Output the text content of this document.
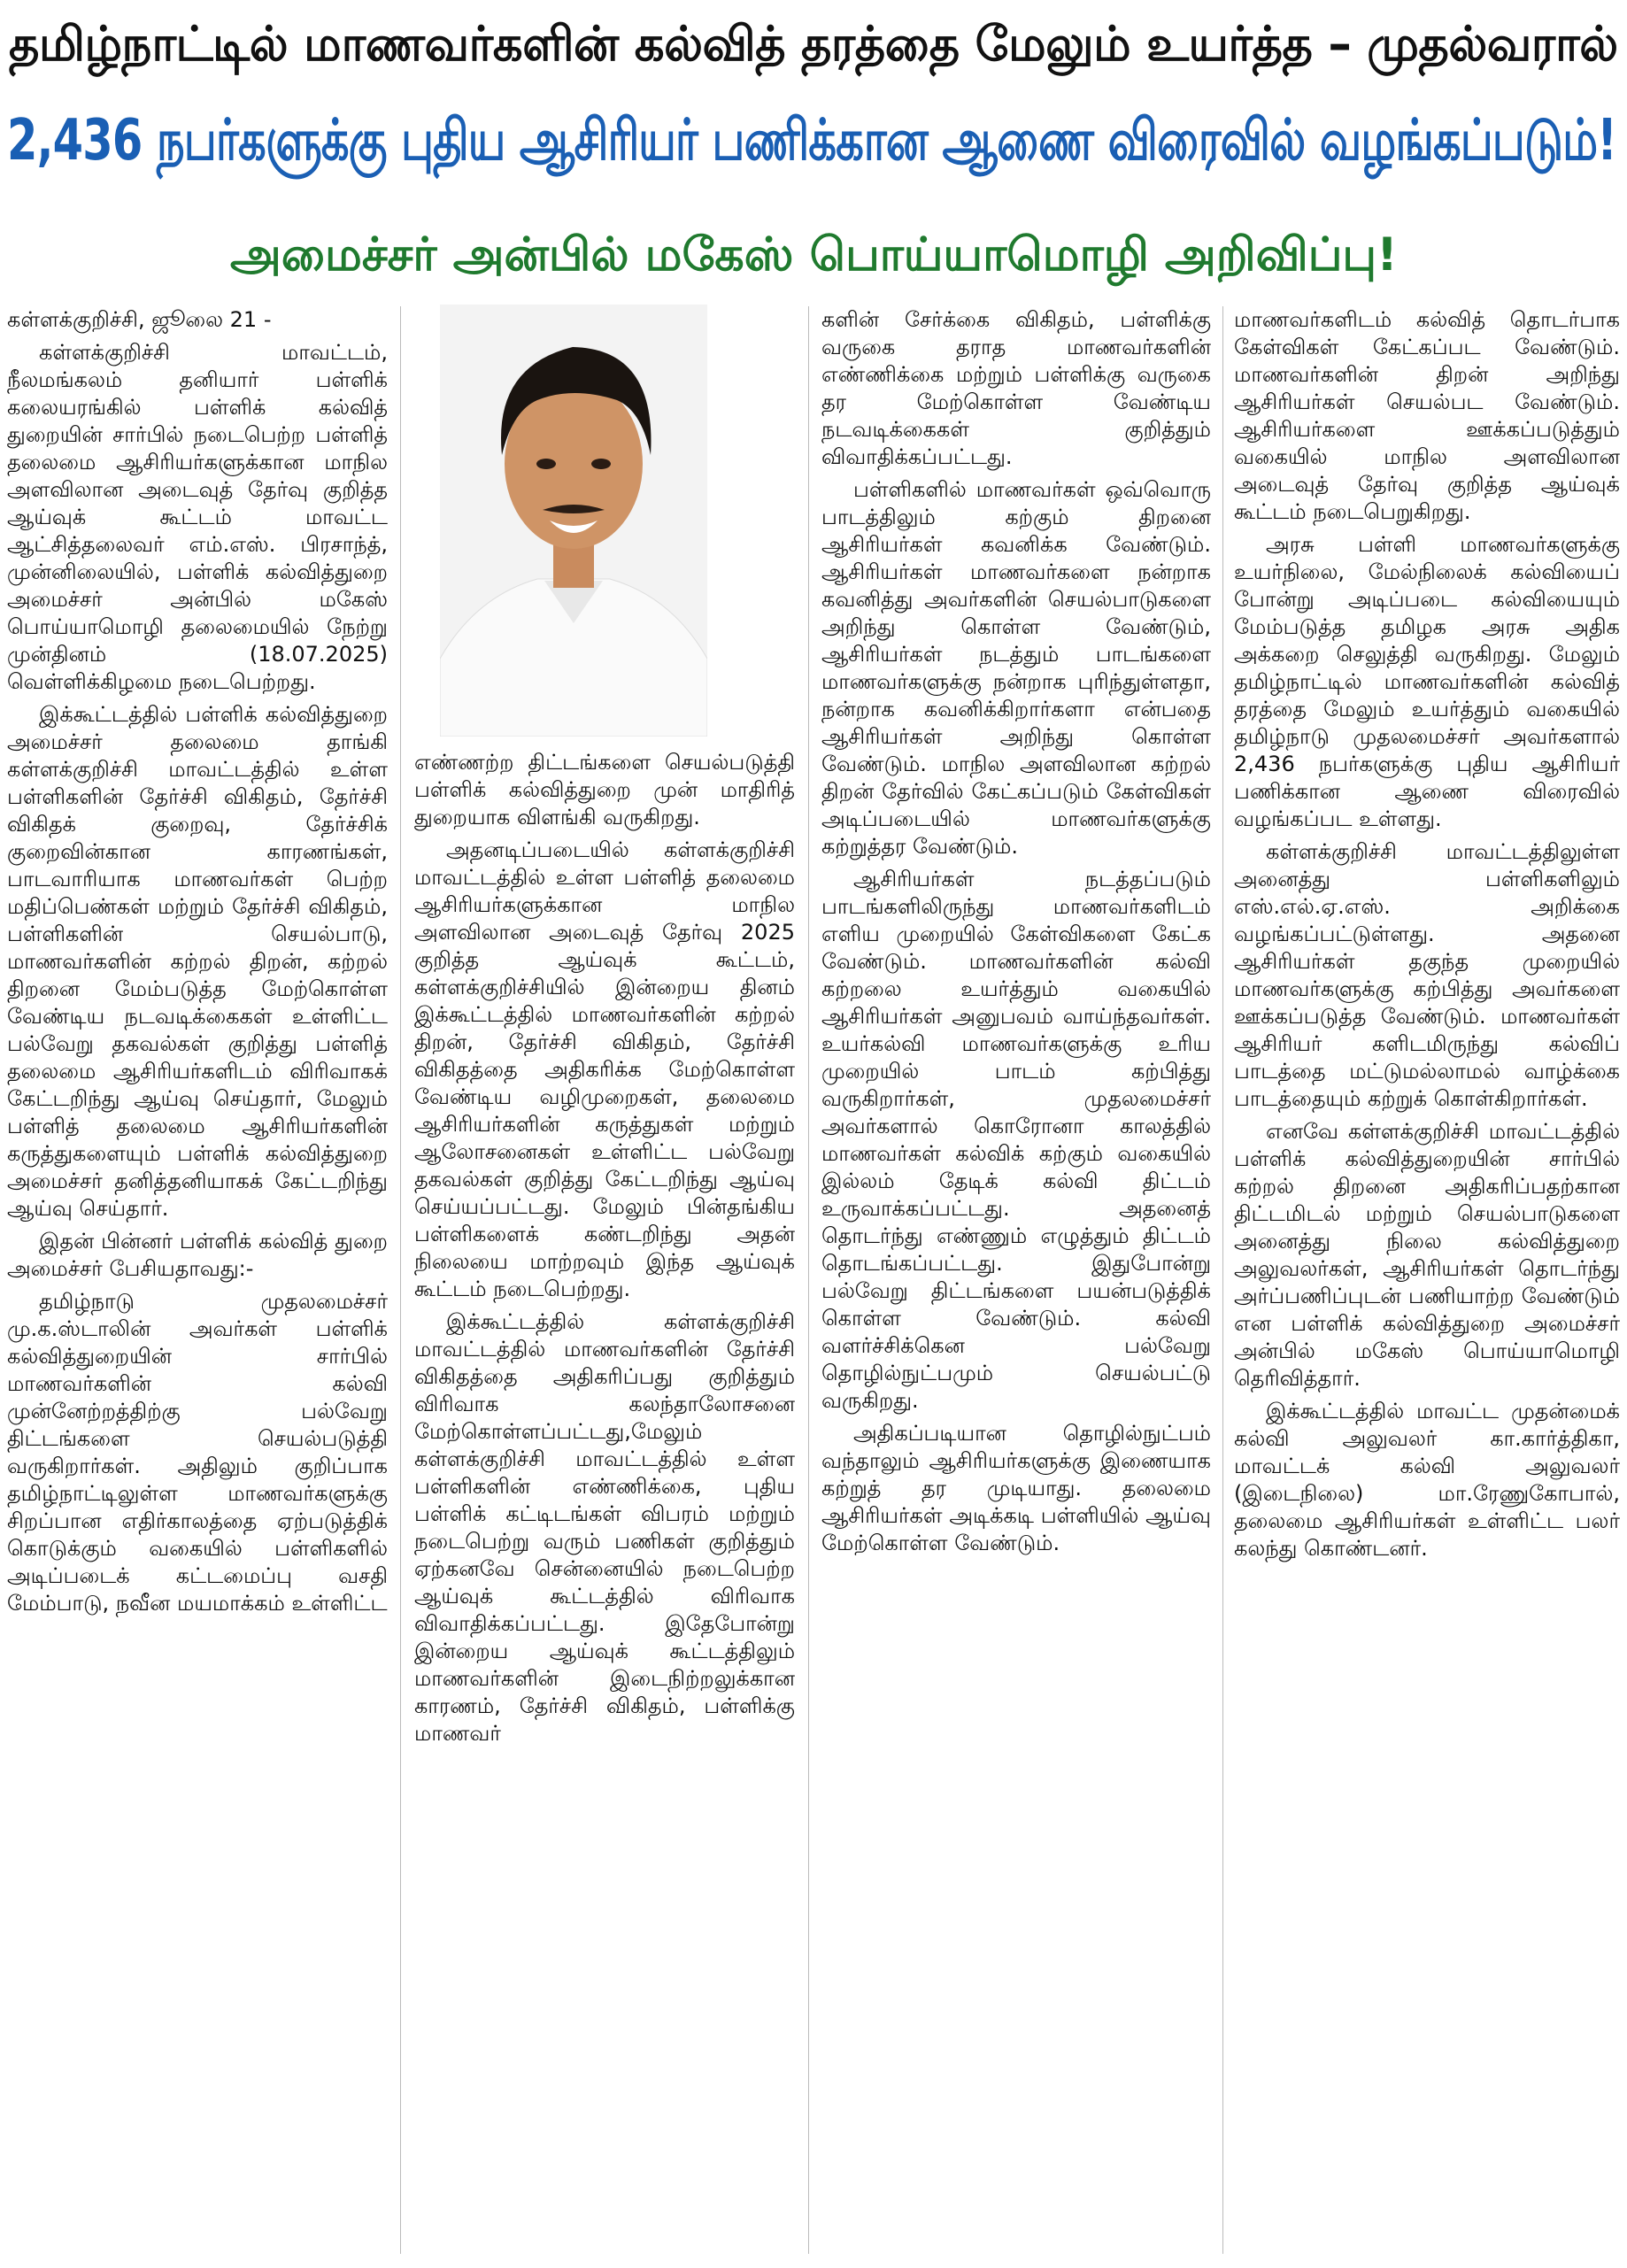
தமிழ்நாட்டில் மாணவர்களின் கல்வித் தரத்தை மேலும் உயர்த்த – முதல்வரால்
2,436 நபர்களுக்கு புதிய ஆசிரியர் பணிக்கான ஆணை விரைவில் வழங்கப்படும்!
அமைச்சர் அன்பில் மகேஸ் பொய்யாமொழி அறிவிப்பு!

கள்ளக்குறிச்சி, ஜூலை 21 -

கள்ளக்குறிச்சி மாவட்டம், நீலமங்கலம் தனியார் பள்ளிக் கலையரங்கில் பள்ளிக் கல்வித் துறையின் சார்பில் நடைபெற்ற பள்ளித் தலைமை ஆசிரியர்களுக்கான மாநில அளவிலான அடைவுத் தேர்வு குறித்த ஆய்வுக் கூட்டம் மாவட்ட ஆட்சித்தலைவர் எம்.எஸ். பிரசாந்த், முன்னிலையில், பள்ளிக் கல்வித்துறை அமைச்சர் அன்பில் மகேஸ் பொய்யாமொழி தலைமையில் நேற்று முன்தினம் (18.07.2025) வெள்ளிக்கிழமை நடைபெற்றது.

இக்கூட்டத்தில் பள்ளிக் கல்வித்துறை அமைச்சர் தலைமை தாங்கி கள்ளக்குறிச்சி மாவட்டத்தில் உள்ள பள்ளிகளின் தேர்ச்சி விகிதம், தேர்ச்சி விகிதக் குறைவு, தேர்ச்சிக் குறைவின்கான காரணங்கள், பாடவாரியாக மாணவர்கள் பெற்ற மதிப்பெண்கள் மற்றும் தேர்ச்சி விகிதம், பள்ளிகளின் செயல்பாடு, மாணவர்களின் கற்றல் திறன், கற்றல் திறனை மேம்படுத்த மேற்கொள்ள வேண்டிய நடவடிக்கைகள் உள்ளிட்ட பல்வேறு தகவல்கள் குறித்து பள்ளித் தலைமை ஆசிரியர்களிடம் விரிவாகக் கேட்டறிந்து ஆய்வு செய்தார், மேலும் பள்ளித் தலைமை ஆசிரியர்களின் கருத்துகளையும் பள்ளிக் கல்வித்துறை அமைச்சர் தனித்தனியாகக் கேட்டறிந்து ஆய்வு செய்தார்.

இதன் பின்னர் பள்ளிக் கல்வித் துறை அமைச்சர் பேசியதாவது:-

தமிழ்நாடு முதலமைச்சர் மு.க.ஸ்டாலின் அவர்கள் பள்ளிக் கல்வித்துறையின் சார்பில் மாணவர்களின் கல்வி முன்னேற்றத்திற்கு பல்வேறு திட்டங்களை செயல்படுத்தி வருகிறார்கள். அதிலும் குறிப்பாக தமிழ்நாட்டிலுள்ள மாணவர்களுக்கு சிறப்பான எதிர்காலத்தை ஏற்படுத்திக் கொடுக்கும் வகையில் பள்ளிகளில் அடிப்படைக் கட்டமைப்பு வசதி மேம்பாடு, நவீன மயமாக்கம் உள்ளிட்ட

எண்ணற்ற திட்டங்களை செயல்படுத்தி பள்ளிக் கல்வித்துறை முன் மாதிரித் துறையாக விளங்கி வருகிறது.

அதனடிப்படையில் கள்ளக்குறிச்சி மாவட்டத்தில் உள்ள பள்ளித் தலைமை ஆசிரியர்களுக்கான மாநில அளவிலான அடைவுத் தேர்வு 2025 குறித்த ஆய்வுக் கூட்டம், கள்ளக்குறிச்சியில் இன்றைய தினம் இக்கூட்டத்தில் மாணவர்களின் கற்றல் திறன், தேர்ச்சி விகிதம், தேர்ச்சி விகிதத்தை அதிகரிக்க மேற்கொள்ள வேண்டிய வழிமுறைகள், தலைமை ஆசிரியர்களின் கருத்துகள் மற்றும் ஆலோசனைகள் உள்ளிட்ட பல்வேறு தகவல்கள் குறித்து கேட்டறிந்து ஆய்வு செய்யப்பட்டது. மேலும் பின்தங்கிய பள்ளிகளைக் கண்டறிந்து அதன் நிலையை மாற்றவும் இந்த ஆய்வுக் கூட்டம் நடைபெற்றது.

இக்கூட்டத்தில் கள்ளக்குறிச்சி மாவட்டத்தில் மாணவர்களின் தேர்ச்சி விகிதத்தை அதிகரிப்பது குறித்தும் விரிவாக கலந்தாலோசனை மேற்கொள்ளப்பட்டது,மேலும் கள்ளக்குறிச்சி மாவட்டத்தில் உள்ள பள்ளிகளின் எண்ணிக்கை, புதிய பள்ளிக் கட்டிடங்கள் விபரம் மற்றும் நடைபெற்று வரும் பணிகள் குறித்தும் ஏற்கனவே சென்னையில் நடைபெற்ற ஆய்வுக் கூட்டத்தில் விரிவாக விவாதிக்கப்பட்டது. இதேபோன்று இன்றைய ஆய்வுக் கூட்டத்திலும் மாணவர்களின் இடைநிற்றலுக்கான காரணம், தேர்ச்சி விகிதம், பள்ளிக்கு மாணவர்

களின் சேர்க்கை விகிதம், பள்ளிக்கு வருகை தராத மாணவர்களின் எண்ணிக்கை மற்றும் பள்ளிக்கு வருகை தர மேற்கொள்ள வேண்டிய நடவடிக்கைகள் குறித்தும் விவாதிக்கப்பட்டது.

பள்ளிகளில் மாணவர்கள் ஒவ்வொரு பாடத்திலும் கற்கும் திறனை ஆசிரியர்கள் கவனிக்க வேண்டும். ஆசிரியர்கள் மாணவர்களை நன்றாக கவனித்து அவர்களின் செயல்பாடுகளை அறிந்து கொள்ள வேண்டும், ஆசிரியர்கள் நடத்தும் பாடங்களை மாணவர்களுக்கு நன்றாக புரிந்துள்ளதா, நன்றாக கவனிக்கிறார்களா என்பதை ஆசிரியர்கள் அறிந்து கொள்ள வேண்டும். மாநில அளவிலான கற்றல் திறன் தேர்வில் கேட்கப்படும் கேள்விகள் அடிப்படையில் மாணவர்களுக்கு கற்றுத்தர வேண்டும்.

ஆசிரியர்கள் நடத்தப்படும் பாடங்களிலிருந்து மாணவர்களிடம் எளிய முறையில் கேள்விகளை கேட்க வேண்டும். மாணவர்களின் கல்வி கற்றலை உயர்த்தும் வகையில் ஆசிரியர்கள் அனுபவம் வாய்ந்தவர்கள். உயர்கல்வி மாணவர்களுக்கு உரிய முறையில் பாடம் கற்பித்து வருகிறார்கள், முதலமைச்சர் அவர்களால் கொரோனா காலத்தில் மாணவர்கள் கல்விக் கற்கும் வகையில் இல்லம் தேடிக் கல்வி திட்டம் உருவாக்கப்பட்டது. அதனைத் தொடர்ந்து எண்ணும் எழுத்தும் திட்டம் தொடங்கப்பட்டது. இதுபோன்று பல்வேறு திட்டங்களை பயன்படுத்திக் கொள்ள வேண்டும். கல்வி வளர்ச்சிக்கென பல்வேறு தொழில்நுட்பமும் செயல்பட்டு வருகிறது.

அதிகப்படியான தொழில்நுட்பம் வந்தாலும் ஆசிரியர்களுக்கு இணையாக கற்றுத் தர முடியாது. தலைமை ஆசிரியர்கள் அடிக்கடி பள்ளியில் ஆய்வு மேற்கொள்ள வேண்டும்.

மாணவர்களிடம் கல்வித் தொடர்பாக கேள்விகள் கேட்கப்பட வேண்டும். மாணவர்களின் திறன் அறிந்து ஆசிரியர்கள் செயல்பட வேண்டும். ஆசிரியர்களை ஊக்கப்படுத்தும் வகையில் மாநில அளவிலான அடைவுத் தேர்வு குறித்த ஆய்வுக் கூட்டம் நடைபெறுகிறது.

அரசு பள்ளி மாணவர்களுக்கு உயர்நிலை, மேல்நிலைக் கல்வியைப் போன்று அடிப்படை கல்வியையும் மேம்படுத்த தமிழக அரசு அதிக அக்கறை செலுத்தி வருகிறது. மேலும் தமிழ்நாட்டில் மாணவர்களின் கல்வித் தரத்தை மேலும் உயர்த்தும் வகையில் தமிழ்நாடு முதலமைச்சர் அவர்களால் 2,436 நபர்களுக்கு புதிய ஆசிரியர் பணிக்கான ஆணை விரைவில் வழங்கப்பட உள்ளது.

கள்ளக்குறிச்சி மாவட்டத்திலுள்ள அனைத்து பள்ளிகளிலும் எஸ்.எல்.ஏ.எஸ். அறிக்கை வழங்கப்பட்டுள்ளது. அதனை ஆசிரியர்கள் தகுந்த முறையில் மாணவர்களுக்கு கற்பித்து அவர்களை ஊக்கப்படுத்த வேண்டும். மாணவர்கள் ஆசிரியர் களிடமிருந்து கல்விப் பாடத்தை மட்டுமல்லாமல் வாழ்க்கை பாடத்தையும் கற்றுக் கொள்கிறார்கள்.

எனவே கள்ளக்குறிச்சி மாவட்டத்தில் பள்ளிக் கல்வித்துறையின் சார்பில் கற்றல் திறனை அதிகரிப்பதற்கான திட்டமிடல் மற்றும் செயல்பாடுகளை அனைத்து நிலை கல்வித்துறை அலுவலர்கள், ஆசிரியர்கள் தொடர்ந்து அர்ப்பணிப்புடன் பணியாற்ற வேண்டும் என பள்ளிக் கல்வித்துறை அமைச்சர் அன்பில் மகேஸ் பொய்யாமொழி தெரிவித்தார்.

இக்கூட்டத்தில் மாவட்ட முதன்மைக் கல்வி அலுவலர் கா.கார்த்திகா, மாவட்டக் கல்வி அலுவலர் (இடைநிலை) மா.ரேணுகோபால், தலைமை ஆசிரியர்கள் உள்ளிட்ட பலர் கலந்து கொண்டனர்.
